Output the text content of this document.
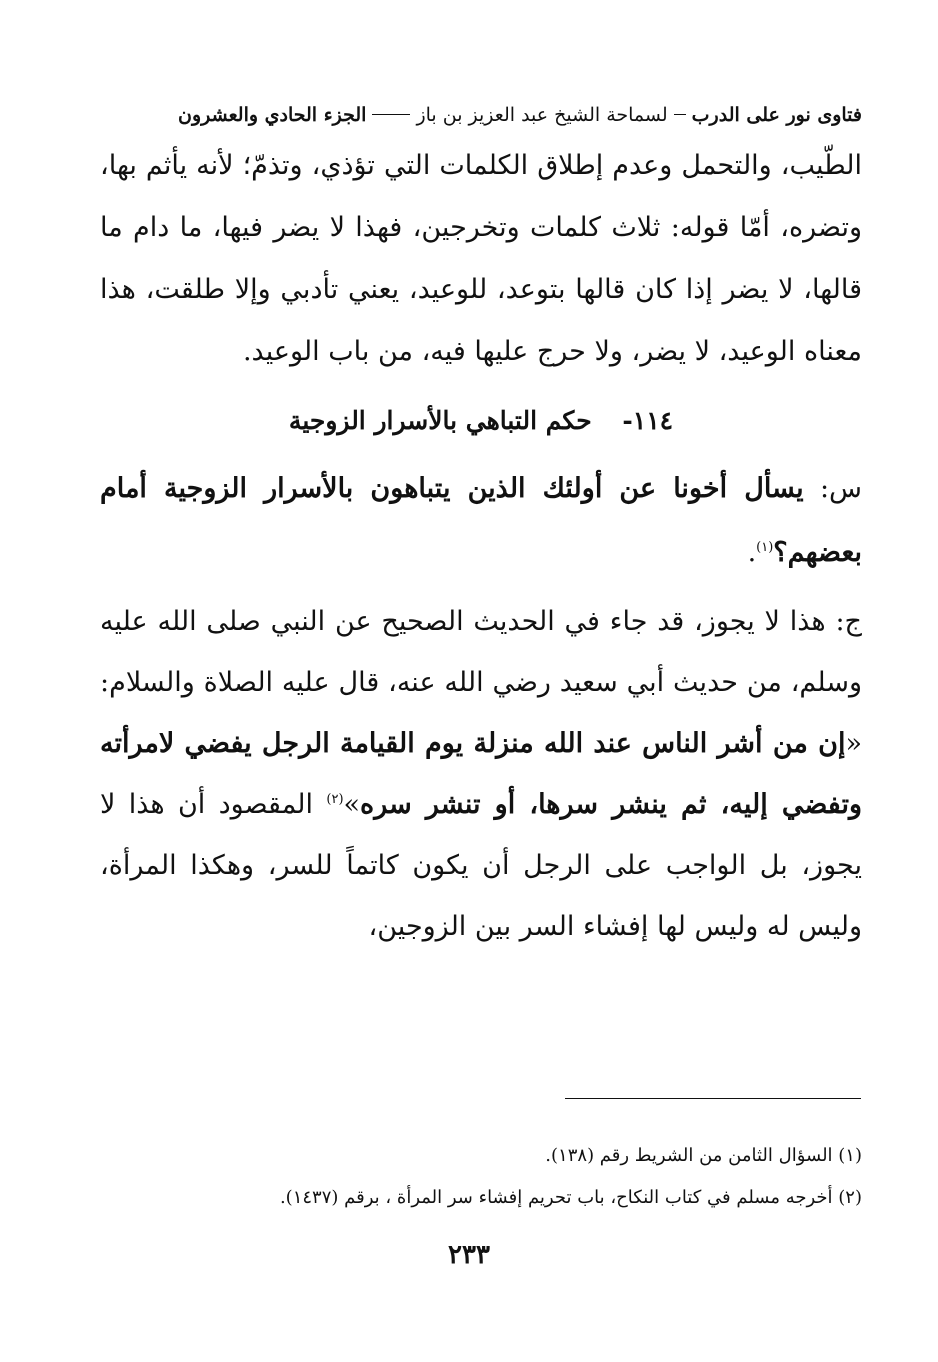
فتاوى نور على الدرب
لسماحة الشيخ عبد العزيز بن باز
الجزء الحادي والعشرون

الطّيب، والتحمل وعدم إطلاق الكلمات التي تؤذي، وتذمّ؛ لأنه يأثم بها، وتضره، أمّا قوله: ثلاث كلمات وتخرجين، فهذا لا يضر فيها، ما دام ما قالها، لا يضر إذا كان قالها بتوعد، للوعيد، يعني تأدبي وإلا طلقت، هذا معناه الوعيد، لا يضر، ولا حرج عليها فيه، من باب الوعيد.

١١٤- حكم التباهي بالأسرار الزوجية

س: يسأل أخونا عن أولئك الذين يتباهون بالأسرار الزوجية أمام بعضهم؟$^{(١)}$.

ج: هذا لا يجوز، قد جاء في الحديث الصحيح عن النبي صلى الله عليه وسلم، من حديث أبي سعيد رضي الله عنه، قال عليه الصلاة والسلام: «إن من أشر الناس عند الله منزلة يوم القيامة الرجل يفضي لامرأته وتفضي إليه، ثم ينشر سرها، أو تنشر سره»$^{(٢)}$ المقصود أن هذا لا يجوز، بل الواجب على الرجل أن يكون كاتماً للسر، وهكذا المرأة، وليس له وليس لها إفشاء السر بين الزوجين،

(١) السؤال الثامن من الشريط رقم (١٣٨).

(٢) أخرجه مسلم في كتاب النكاح، باب تحريم إفشاء سر المرأة ، برقم (١٤٣٧).

٢٣٣
